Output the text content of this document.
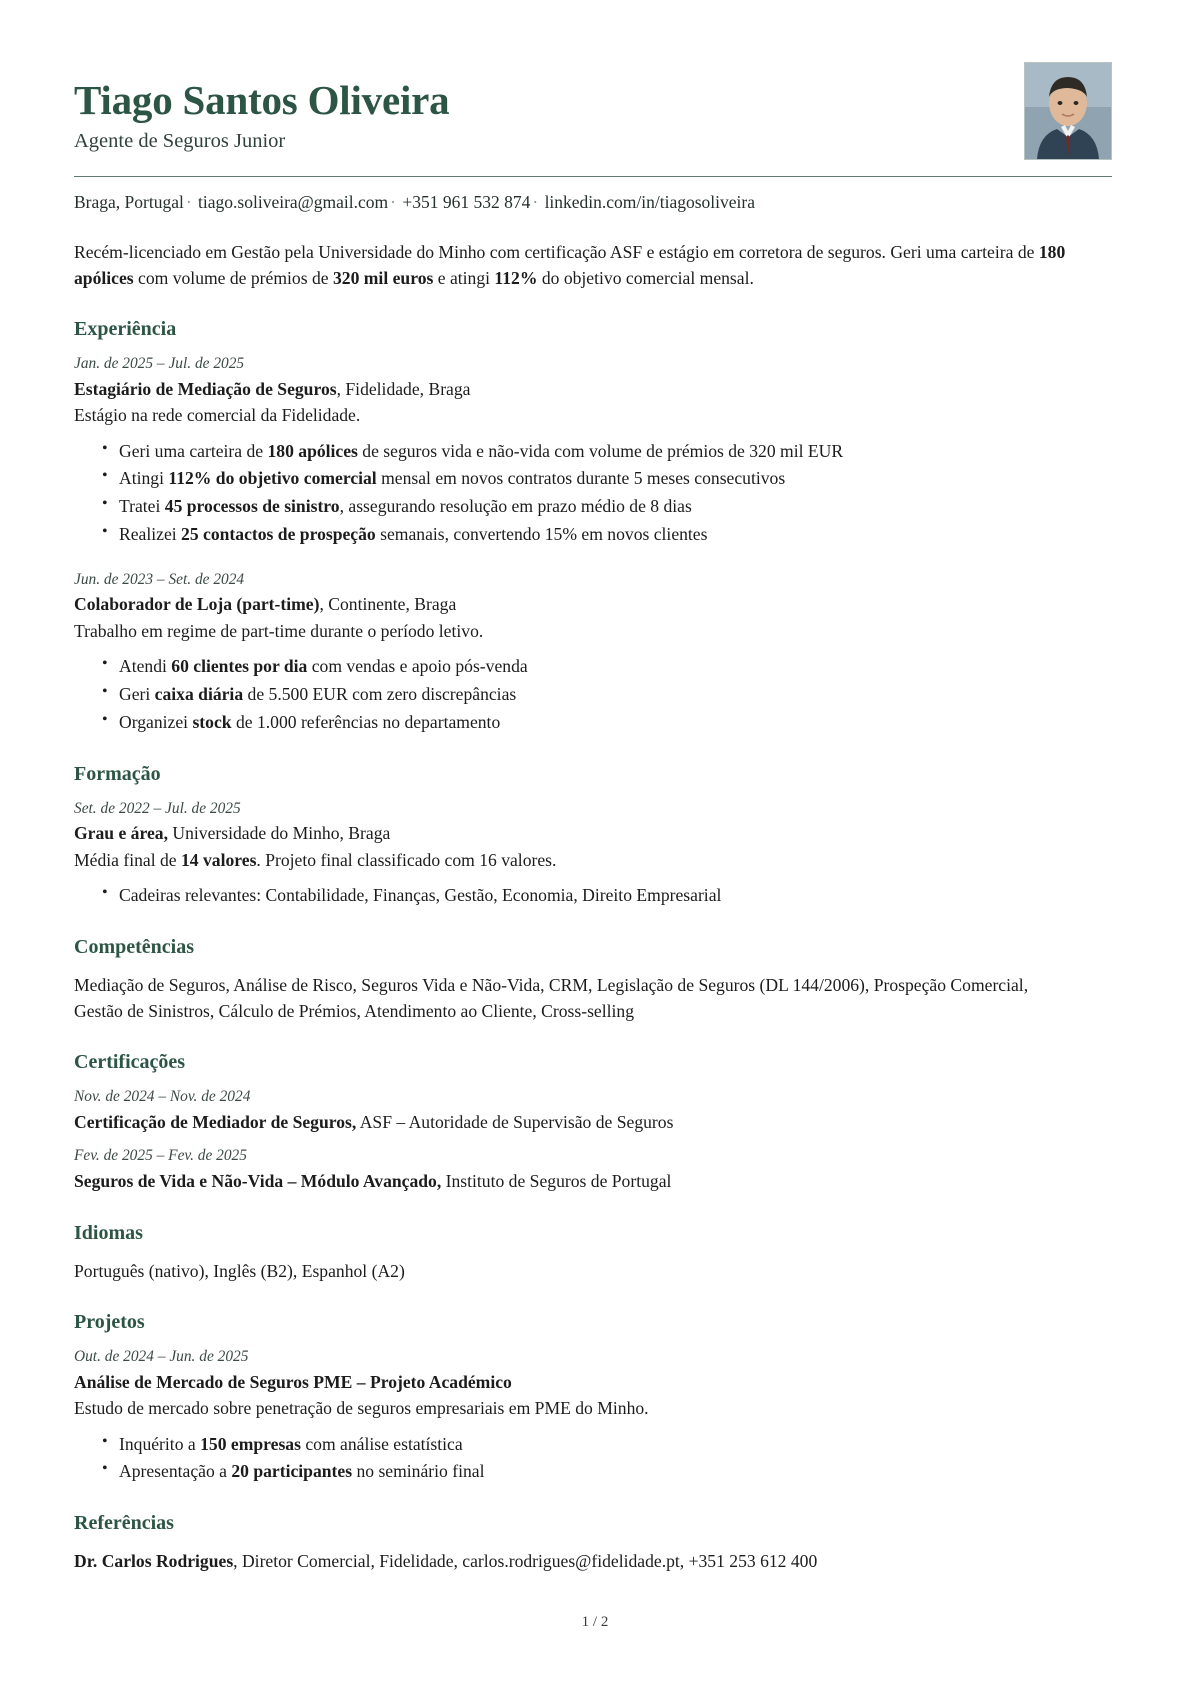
Tiago Santos Oliveira
Agente de Seguros Junior
Braga, Portugal · tiago.soliveira@gmail.com · +351 961 532 874 · linkedin.com/in/tiagosoliveira
Recém-licenciado em Gestão pela Universidade do Minho com certificação ASF e estágio em corretora de seguros. Geri uma carteira de 180 apólices com volume de prémios de 320 mil euros e atingi 112% do objetivo comercial mensal.
Experiência
Jan. de 2025 – Jul. de 2025
Estagiário de Mediação de Seguros, Fidelidade, Braga
Estágio na rede comercial da Fidelidade.
• Geri uma carteira de 180 apólices de seguros vida e não-vida com volume de prémios de 320 mil EUR
• Atingi 112% do objetivo comercial mensal em novos contratos durante 5 meses consecutivos
• Tratei 45 processos de sinistro, assegurando resolução em prazo médio de 8 dias
• Realizei 25 contactos de prospeção semanais, convertendo 15% em novos clientes
Jun. de 2023 – Set. de 2024
Colaborador de Loja (part-time), Continente, Braga
Trabalho em regime de part-time durante o período letivo.
• Atendi 60 clientes por dia com vendas e apoio pós-venda
• Geri caixa diária de 5.500 EUR com zero discrepâncias
• Organizei stock de 1.000 referências no departamento
Formação
Set. de 2022 – Jul. de 2025
Grau e área, Universidade do Minho, Braga
Média final de 14 valores. Projeto final classificado com 16 valores.
• Cadeiras relevantes: Contabilidade, Finanças, Gestão, Economia, Direito Empresarial
Competências
Mediação de Seguros, Análise de Risco, Seguros Vida e Não-Vida, CRM, Legislação de Seguros (DL 144/2006), Prospeção Comercial, Gestão de Sinistros, Cálculo de Prémios, Atendimento ao Cliente, Cross-selling
Certificações
Nov. de 2024 – Nov. de 2024
Certificação de Mediador de Seguros, ASF – Autoridade de Supervisão de Seguros
Fev. de 2025 – Fev. de 2025
Seguros de Vida e Não-Vida – Módulo Avançado, Instituto de Seguros de Portugal
Idiomas
Português (nativo), Inglês (B2), Espanhol (A2)
Projetos
Out. de 2024 – Jun. de 2025
Análise de Mercado de Seguros PME – Projeto Académico
Estudo de mercado sobre penetração de seguros empresariais em PME do Minho.
• Inquérito a 150 empresas com análise estatística
• Apresentação a 20 participantes no seminário final
Referências
Dr. Carlos Rodrigues, Diretor Comercial, Fidelidade, carlos.rodrigues@fidelidade.pt, +351 253 612 400
1 / 2
